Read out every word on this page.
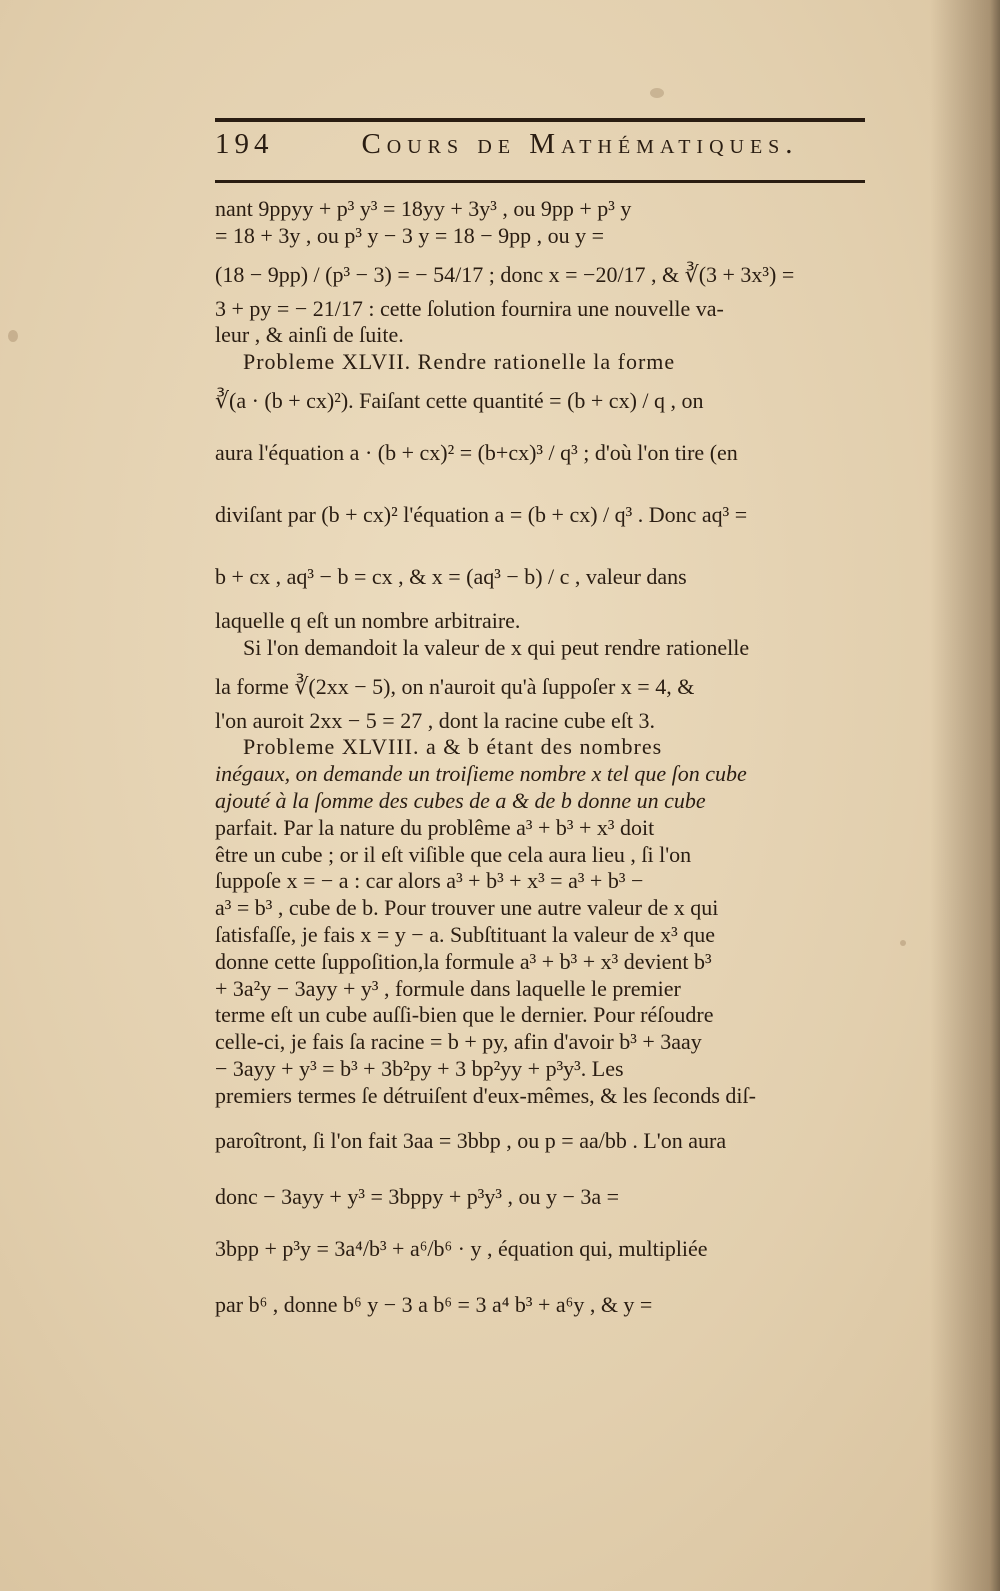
194	Cours de Mathématiques.
nant 9ppyy + p³ y³ = 18yy + 3y³ , ou 9pp + p³ y
= 18 + 3y , ou p³ y − 3 y = 18 − 9pp , ou y =
(18 − 9pp) / (p³ − 3) = − 54/17 ; donc x = −20/17 , & ∛(3 + 3x³) =
3 + py = − 21/17 : cette ſolution fournira une nouvelle va-
leur , & ainſi de ſuite.
Probleme XLVII. Rendre rationelle la forme
∛(a · (b + cx)²). Faiſant cette quantité = (b + cx) / q , on
aura l'équation a · (b + cx)² = (b+cx)³ / q³ ; d'où l'on tire (en
diviſant par (b + cx)² l'équation a = (b + cx) / q³ . Donc aq³ =
b + cx , aq³ − b = cx , & x = (aq³ − b) / c , valeur dans
laquelle q eſt un nombre arbitraire.
Si l'on demandoit la valeur de x qui peut rendre rationelle
la forme ∛(2xx − 5), on n'auroit qu'à ſuppoſer x = 4, &
l'on auroit 2xx − 5 = 27 , dont la racine cube eſt 3.
Probleme XLVIII. a & b étant des nombres
inégaux, on demande un troiſieme nombre x tel que ſon cube
ajouté à la ſomme des cubes de a & de b donne un cube
parfait. Par la nature du problême a³ + b³ + x³ doit
être un cube ; or il eſt viſible que cela aura lieu , ſi l'on
ſuppoſe x = − a : car alors a³ + b³ + x³ = a³ + b³ −
a³ = b³ , cube de b. Pour trouver une autre valeur de x qui
ſatisfaſſe, je fais x = y − a. Subſtituant la valeur de x³ que
donne cette ſuppoſition,la formule a³ + b³ + x³ devient b³
+ 3a²y − 3ayy + y³ , formule dans laquelle le premier
terme eſt un cube auſſi-bien que le dernier. Pour réſoudre
celle-ci, je fais ſa racine = b + py, afin d'avoir b³ + 3aay
− 3ayy + y³ = b³ + 3b²py + 3 bp²yy + p³y³. Les
premiers termes ſe détruiſent d'eux-mêmes, & les ſeconds diſ-
paroîtront, ſi l'on fait 3aa = 3bbp , ou p = aa/bb . L'on aura
donc − 3ayy + y³ = 3bppy + p³y³ , ou y − 3a =
3bpp + p³y = 3a⁴/b³ + a⁶/b⁶ · y , équation qui, multipliée
par b⁶ , donne b⁶ y − 3 a b⁶ = 3 a⁴ b³ + a⁶y , & y =
